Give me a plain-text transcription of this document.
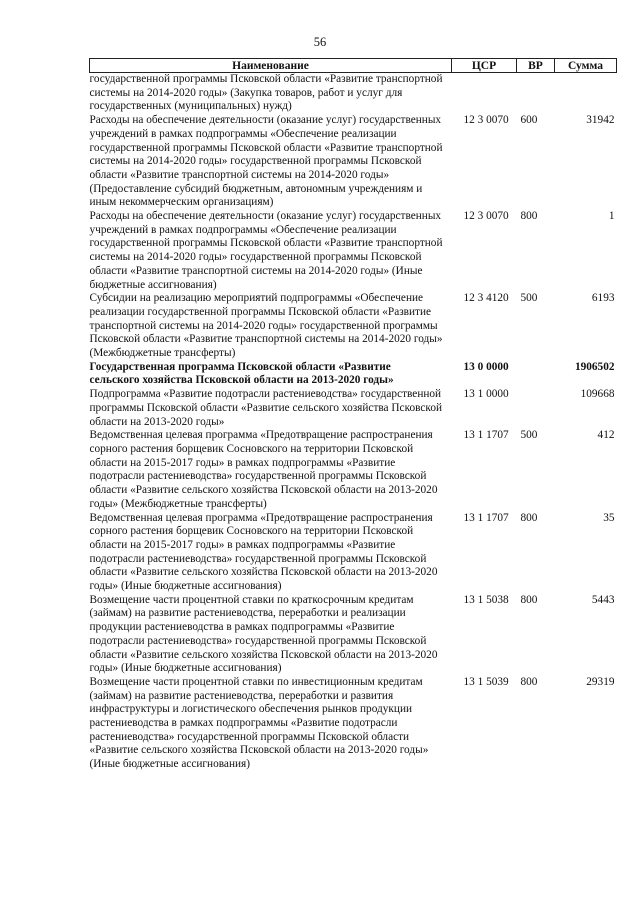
56
Наименование	ЦСР	ВР	Сумма
государственной программы Псковской области «Развитие транспортной системы на 2014-2020 годы» (Закупка товаров, работ и услуг для государственных (муниципальных) нужд)			
Расходы на обеспечение деятельности (оказание услуг) государственных учреждений в рамках подпрограммы «Обеспечение реализации государственной программы Псковской области «Развитие транспортной системы на 2014-2020 годы» государственной программы Псковской области «Развитие транспортной системы на 2014-2020 годы» (Предоставление субсидий бюджетным, автономным учреждениям и иным некоммерческим организациям)	12 3 0070	600	31942
Расходы на обеспечение деятельности (оказание услуг) государственных учреждений в рамках подпрограммы «Обеспечение реализации государственной программы Псковской области «Развитие транспортной системы на 2014-2020 годы» государственной программы Псковской области «Развитие транспортной системы на 2014-2020 годы» (Иные бюджетные ассигнования)	12 3 0070	800	1
Субсидии на реализацию мероприятий подпрограммы «Обеспечение реализации государственной программы Псковской области «Развитие транспортной системы на 2014-2020 годы» государственной программы Псковской области «Развитие транспортной системы на 2014-2020 годы» (Межбюджетные трансферты)	12 3 4120	500	6193
Государственная программа Псковской области «Развитие сельского хозяйства Псковской области на 2013-2020 годы»	13 0 0000		1906502
Подпрограмма «Развитие подотрасли растениеводства» государственной программы Псковской области «Развитие сельского хозяйства Псковской области на 2013-2020 годы»	13 1 0000		109668
Ведомственная целевая программа «Предотвращение распространения сорного растения борщевик Сосновского на территории Псковской области на 2015-2017 годы» в рамках подпрограммы «Развитие подотрасли растениеводства» государственной программы Псковской области «Развитие сельского хозяйства Псковской области на 2013-2020 годы» (Межбюджетные трансферты)	13 1 1707	500	412
Ведомственная целевая программа «Предотвращение распространения сорного растения борщевик Сосновского на территории Псковской области на 2015-2017 годы» в рамках подпрограммы «Развитие подотрасли растениеводства» государственной программы Псковской области «Развитие сельского хозяйства Псковской области на 2013-2020 годы» (Иные бюджетные ассигнования)	13 1 1707	800	35
Возмещение части процентной ставки по краткосрочным кредитам (займам) на развитие растениеводства, переработки и реализации продукции растениеводства в рамках подпрограммы «Развитие подотрасли растениеводства» государственной программы Псковской области «Развитие сельского хозяйства Псковской области на 2013-2020 годы» (Иные бюджетные ассигнования)	13 1 5038	800	5443
Возмещение части процентной ставки по инвестиционным кредитам (займам) на развитие растениеводства, переработки и развития инфраструктуры и логистического обеспечения рынков продукции растениеводства в рамках подпрограммы «Развитие подотрасли растениеводства» государственной программы Псковской области «Развитие сельского хозяйства Псковской области на 2013-2020 годы» (Иные бюджетные ассигнования)	13 1 5039	800	29319
